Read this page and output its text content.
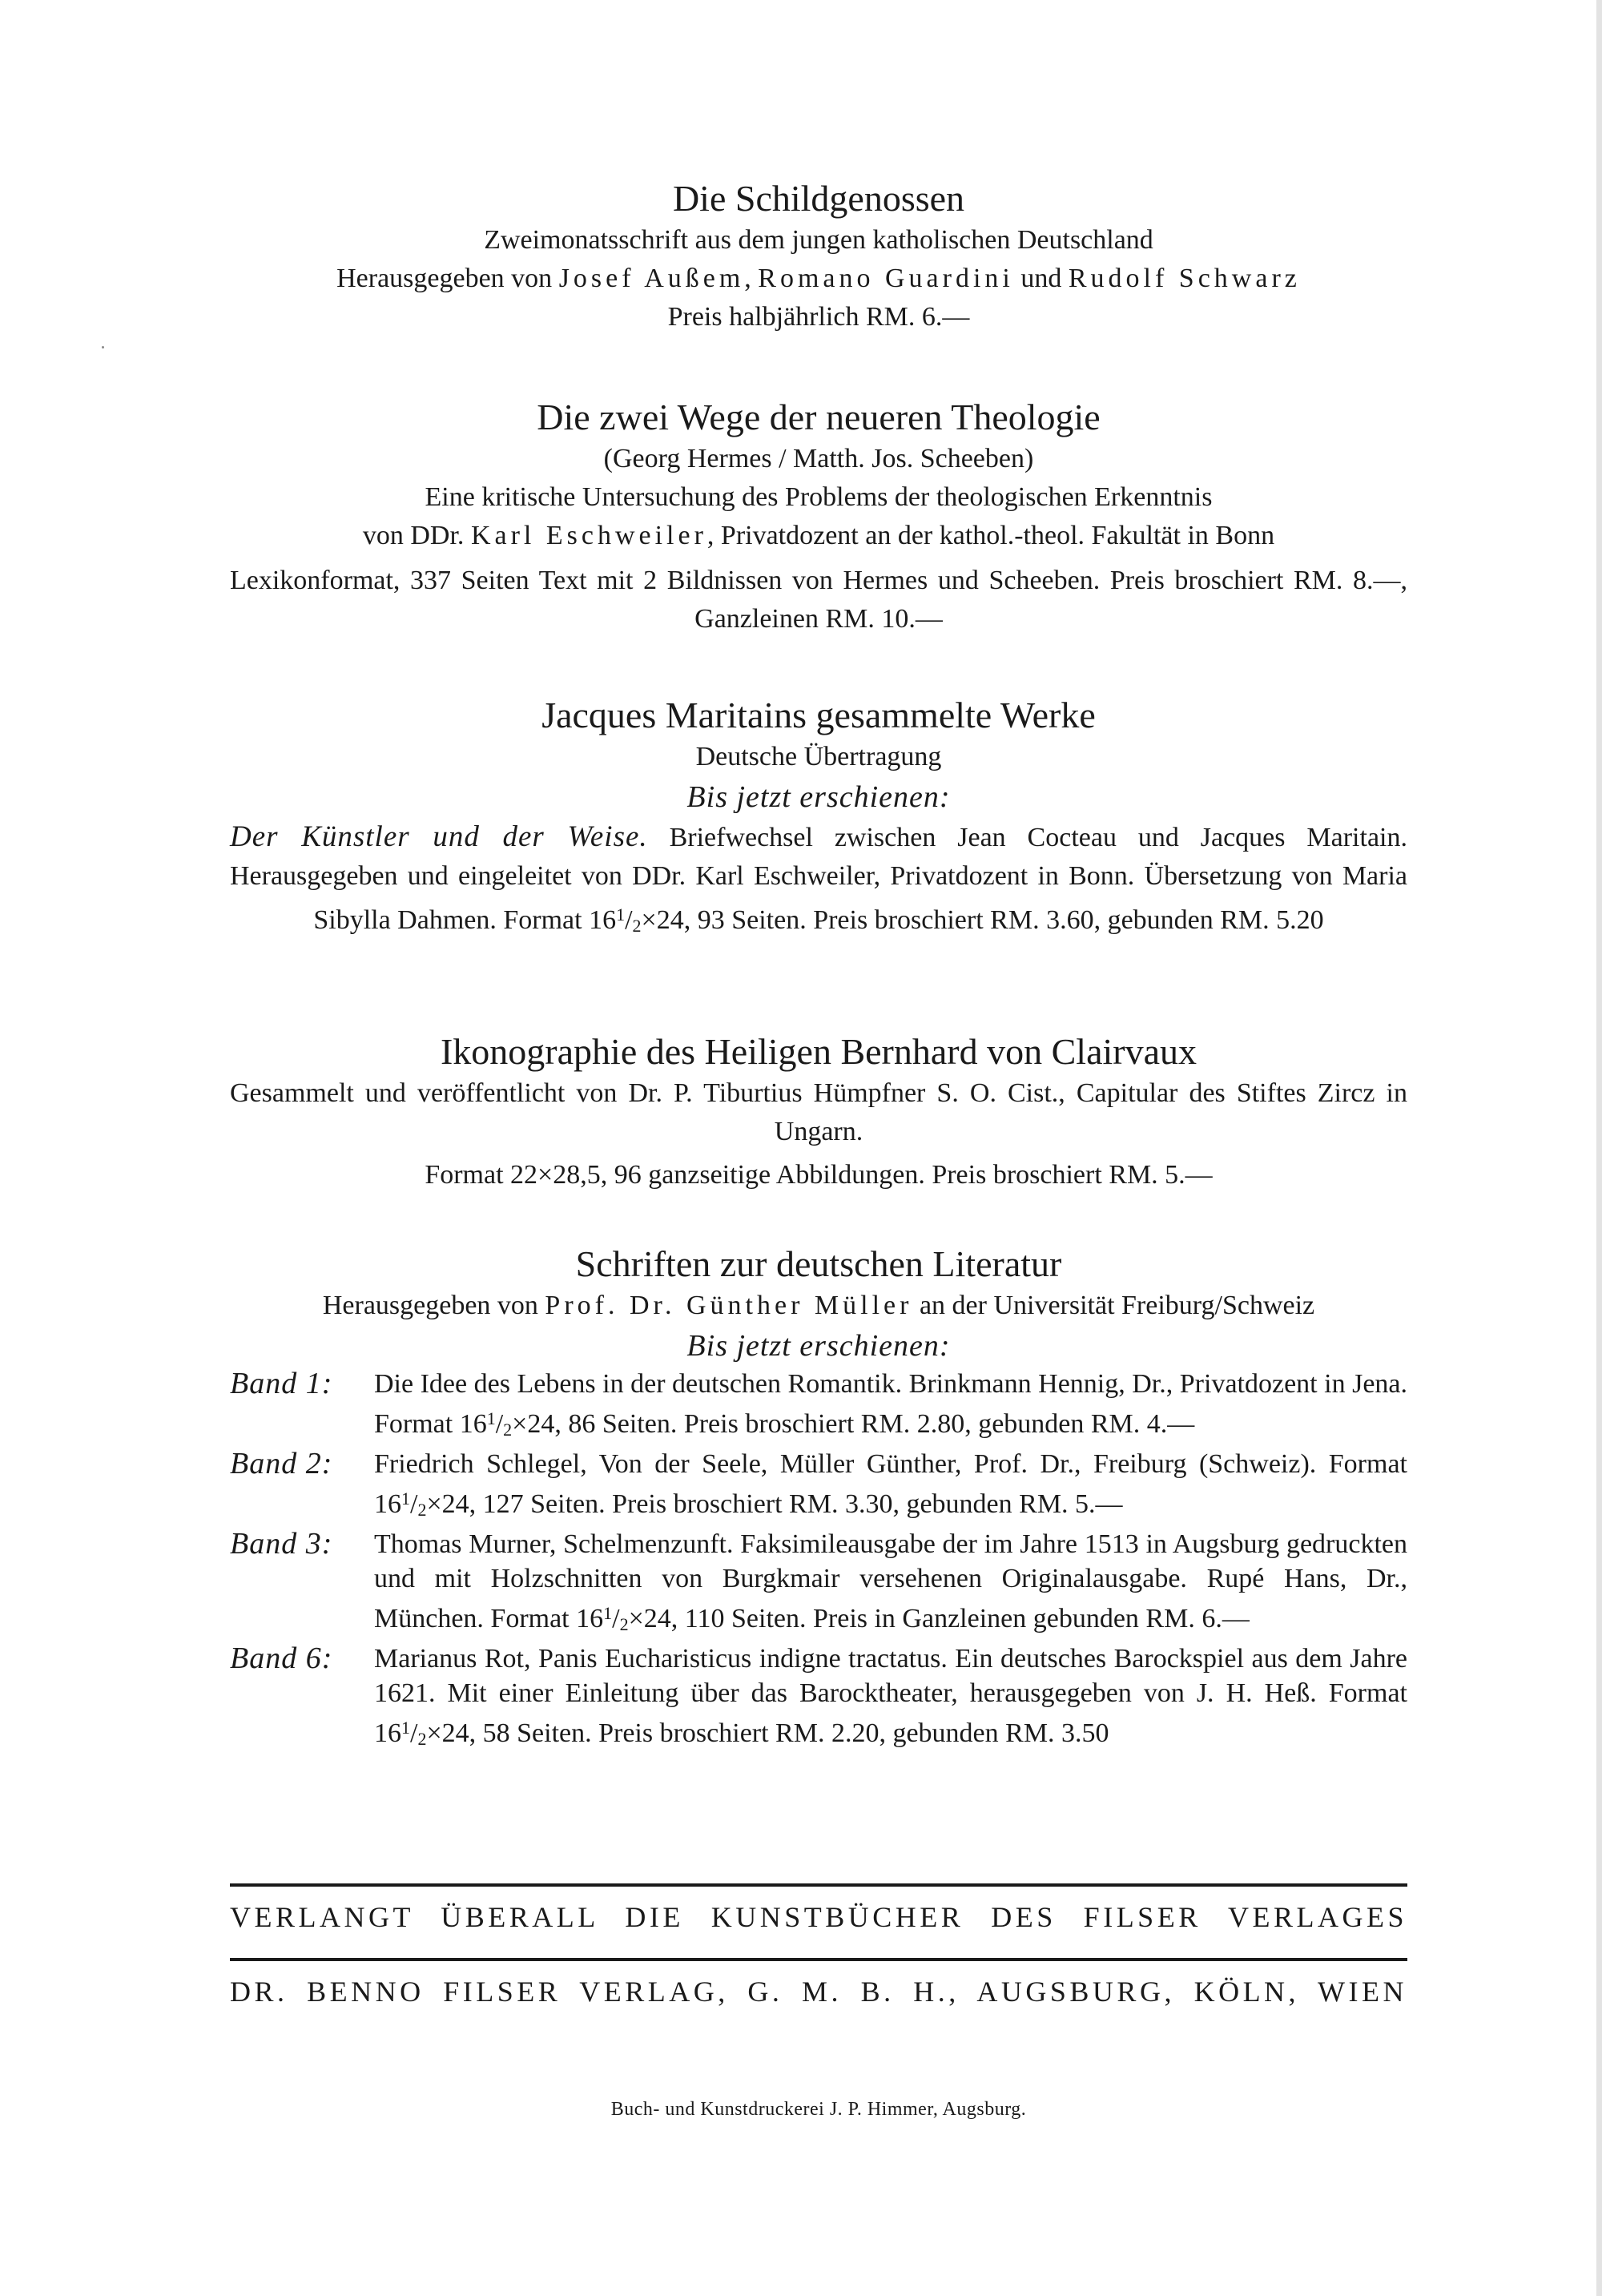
Die Schildgenossen

Zweimonatsschrift aus dem jungen katholischen Deutschland

Herausgegeben von Josef Außem, Romano Guardini und Rudolf Schwarz

Preis halbjährlich RM. 6.—

Die zwei Wege der neueren Theologie

(Georg Hermes / Matth. Jos. Scheeben)

Eine kritische Untersuchung des Problems der theologischen Erkenntnis

von DDr. Karl Eschweiler, Privatdozent an der kathol.-theol. Fakultät in Bonn

Lexikonformat, 337 Seiten Text mit 2 Bildnissen von Hermes und Scheeben. Preis broschiert RM. 8.—, Ganzleinen RM. 10.—

Jacques Maritains gesammelte Werke

Deutsche Übertragung

Bis jetzt erschienen:

Der Künstler und der Weise. Briefwechsel zwischen Jean Cocteau und Jacques Maritain. Herausgegeben und eingeleitet von DDr. Karl Eschweiler, Privatdozent in Bonn. Übersetzung von Maria Sibylla Dahmen. Format $16^1/2\times 24$, 93 Seiten. Preis broschiert RM. 3.60, gebunden RM. 5.20

Ikonographie des Heiligen Bernhard von Clairvaux

Gesammelt und veröffentlicht von Dr. P. Tiburtius Hümpfner S. O. Cist., Capitular des Stiftes Zircz in Ungarn.

Format 22×28,5, 96 ganzseitige Abbildungen. Preis broschiert RM. 5.—

Schriften zur deutschen Literatur

Herausgegeben von Prof. Dr. Günther Müller an der Universität Freiburg/Schweiz

Bis jetzt erschienen:

Band 1:	Die Idee des Lebens in der deutschen Romantik. Brinkmann Hennig, Dr., Privatdozent in Jena. Format $16^1/2\times 24$, 86 Seiten. Preis broschiert RM. 2.80, gebunden RM. 4.—
Band 2:	Friedrich Schlegel, Von der Seele, Müller Günther, Prof. Dr., Freiburg (Schweiz). Format $16^1/2\times 24$, 127 Seiten. Preis broschiert RM. 3.30, gebunden RM. 5.—
Band 3:	Thomas Murner, Schelmenzunft. Faksimileausgabe der im Jahre 1513 in Augsburg gedruckten und mit Holzschnitten von Burgkmair versehenen Originalausgabe. Rupé Hans, Dr., München. Format $16^1/2\times 24$, 110 Seiten. Preis in Ganzleinen gebunden RM. 6.—
Band 6:	Marianus Rot, Panis Eucharisticus indigne tractatus. Ein deutsches Barockspiel aus dem Jahre 1621. Mit einer Einleitung über das Barocktheater, herausgegeben von J. H. Heß. Format $16^1/2\times 24$, 58 Seiten. Preis broschiert RM. 2.20, gebunden RM. 3.50
VERLANGT ÜBERALL DIE KUNSTBÜCHER DES FILSER VERLAGES
DR. BENNO FILSER VERLAG, G. M. B. H., AUGSBURG, KÖLN, WIEN
Buch- und Kunstdruckerei J. P. Himmer, Augsburg.
